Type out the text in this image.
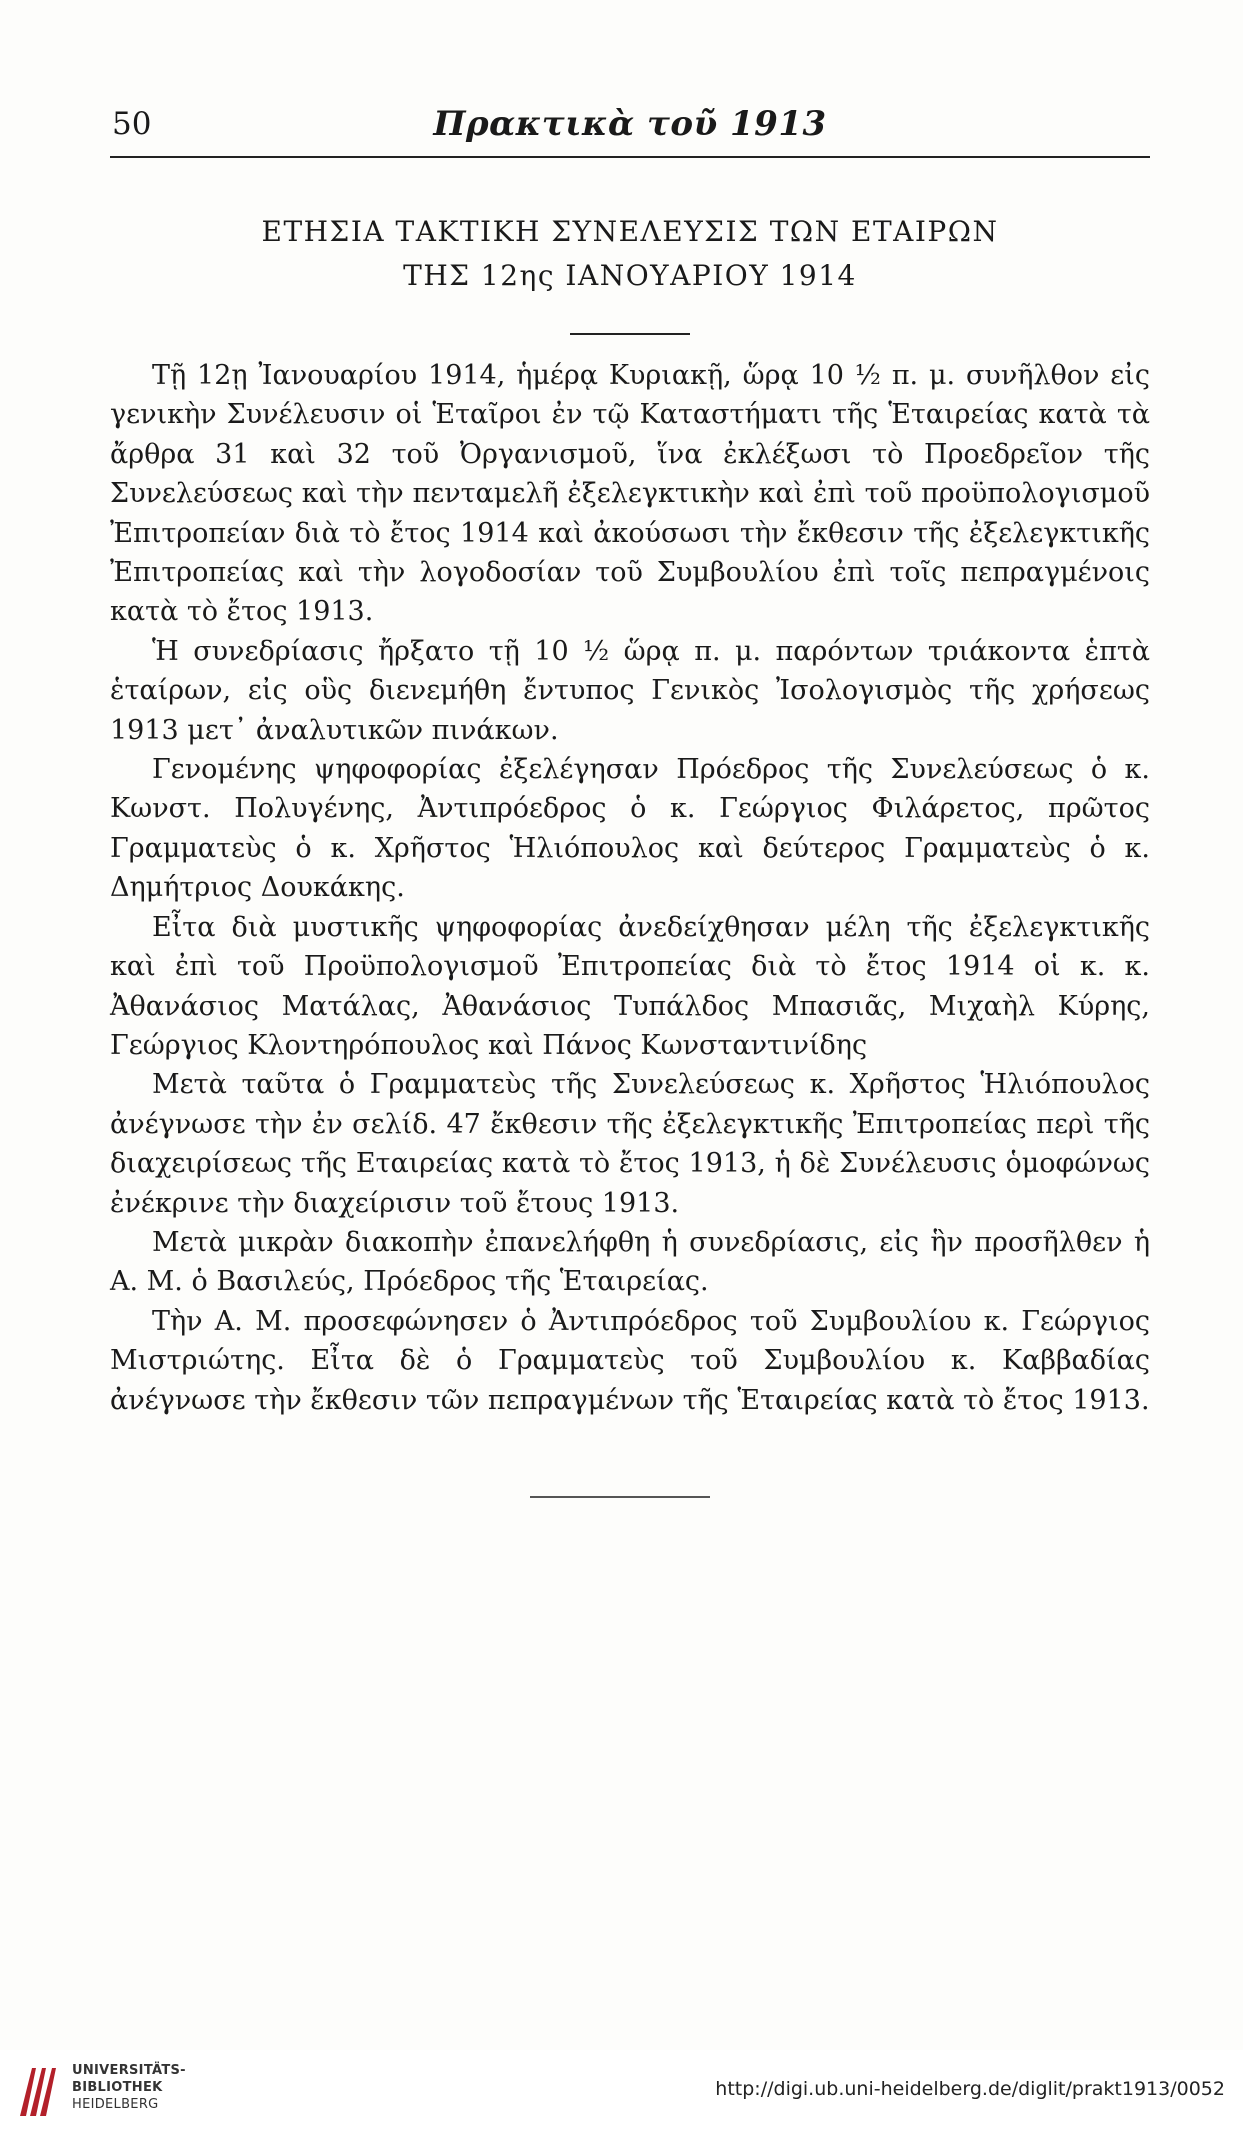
50	Πρακτικὰ τοῦ 1913
ΕΤΗΣΙΑ ΤΑΚΤΙΚΗ ΣΥΝΕΛΕΥΣΙΣ ΤΩΝ ΕΤΑΙΡΩΝ
ΤΗΣ 12ης ΙΑΝΟΥΑΡΙΟΥ 1914

Τῇ 12ῃ Ἰανουαρίου 1914, ἡμέρᾳ Κυριακῇ, ὥρᾳ 10 ½ π. μ. συνῆλθον εἰς γενικὴν Συνέλευσιν οἱ Ἑταῖροι ἐν τῷ Καταστήματι τῆς Ἑταιρείας κατὰ τὰ ἄρθρα 31 καὶ 32 τοῦ Ὀργανισμοῦ, ἵνα ἐκλέξωσι τὸ Προεδρεῖον τῆς Συνελεύσεως καὶ τὴν πενταμελῆ ἐξελεγκτικὴν καὶ ἐπὶ τοῦ προϋπολογισμοῦ Ἐπιτροπείαν διὰ τὸ ἔτος 1914 καὶ ἀκούσωσι τὴν ἔκθεσιν τῆς ἐξελεγκτικῆς Ἐπιτροπείας καὶ τὴν λογοδοσίαν τοῦ Συμβουλίου ἐπὶ τοῖς πεπραγμένοις κατὰ τὸ ἔτος 1913.

Ἡ συνεδρίασις ἤρξατο τῇ 10 ½ ὥρᾳ π. μ. παρόντων τριάκοντα ἑπτὰ ἑταίρων, εἰς οὓς διενεμήθη ἔντυπος Γενικὸς Ἰσολογισμὸς τῆς χρήσεως 1913 μετ᾽ ἀναλυτικῶν πινάκων.

Γενομένης ψηφοφορίας ἐξελέγησαν Πρόεδρος τῆς Συνελεύσεως ὁ κ. Κωνστ. Πολυγένης, Ἀντιπρόεδρος ὁ κ. Γεώργιος Φιλάρετος, πρῶτος Γραμματεὺς ὁ κ. Χρῆστος Ἡλιόπουλος καὶ δεύτερος Γραμματεὺς ὁ κ. Δημήτριος Δουκάκης.

Εἶτα διὰ μυστικῆς ψηφοφορίας ἀνεδείχθησαν μέλη τῆς ἐξελεγκτικῆς καὶ ἐπὶ τοῦ Προϋπολογισμοῦ Ἐπιτροπείας διὰ τὸ ἔτος 1914 οἱ κ. κ. Ἀθανάσιος Ματάλας, Ἀθανάσιος Τυπάλδος Μπασιᾶς, Μιχαὴλ Κύρης, Γεώργιος Κλοντηρόπουλος καὶ Πάνος Κωνσταντινίδης

Μετὰ ταῦτα ὁ Γραμματεὺς τῆς Συνελεύσεως κ. Χρῆστος Ἡλιόπουλος ἀνέγνωσε τὴν ἐν σελίδ. 47 ἔκθεσιν τῆς ἐξελεγκτικῆς Ἐπιτροπείας περὶ τῆς διαχειρίσεως τῆς Εταιρείας κατὰ τὸ ἔτος 1913, ἡ δὲ Συνέλευσις ὁμοφώνως ἐνέκρινε τὴν διαχείρισιν τοῦ ἔτους 1913.

Μετὰ μικρὰν διακοπὴν ἐπανελήφθη ἡ συνεδρίασις, εἰς ἣν προσῆλθεν ἡ Α. Μ. ὁ Βασιλεύς, Πρόεδρος τῆς Ἑταιρείας.

Τὴν Α. Μ. προσεφώνησεν ὁ Ἀντιπρόεδρος τοῦ Συμβουλίου κ. Γεώργιος Μιστριώτης. Εἶτα δὲ ὁ Γραμματεὺς τοῦ Συμβουλίου κ. Καββαδίας ἀνέγνωσε τὴν ἔκθεσιν τῶν πεπραγμένων τῆς Ἑταιρείας κατὰ τὸ ἔτος 1913.

UNIVERSITÄTS-
BIBLIOTHEK
HEIDELBERG
http://digi.ub.uni-heidelberg.de/diglit/prakt1913/0052
